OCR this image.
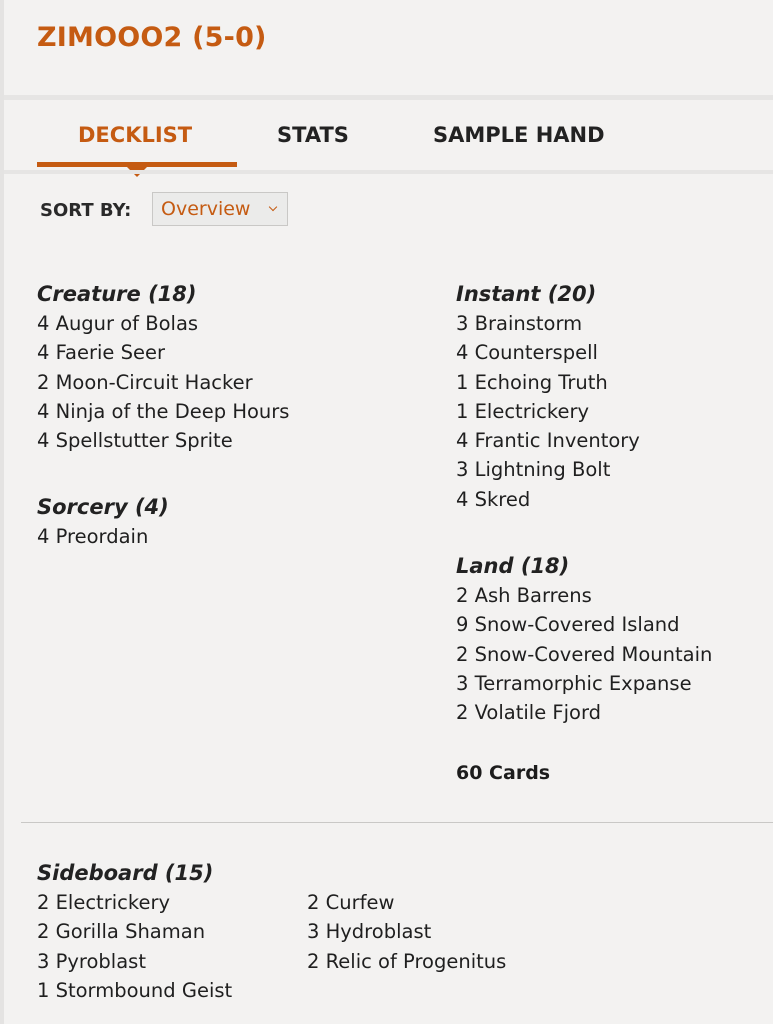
ZIMOOO2 (5-0)
DECKLIST	STATS	SAMPLE HAND
SORT BY: Overview
Creature (18)
4 Augur of Bolas
4 Faerie Seer
2 Moon-Circuit Hacker
4 Ninja of the Deep Hours
4 Spellstutter Sprite
Sorcery (4)
4 Preordain
Instant (20)
3 Brainstorm
4 Counterspell
1 Echoing Truth
1 Electrickery
4 Frantic Inventory
3 Lightning Bolt
4 Skred
Land (18)
2 Ash Barrens
9 Snow-Covered Island
2 Snow-Covered Mountain
3 Terramorphic Expanse
2 Volatile Fjord
60 Cards
Sideboard (15)
2 Electrickery
2 Gorilla Shaman
3 Pyroblast
1 Stormbound Geist
2 Curfew
3 Hydroblast
2 Relic of Progenitus
